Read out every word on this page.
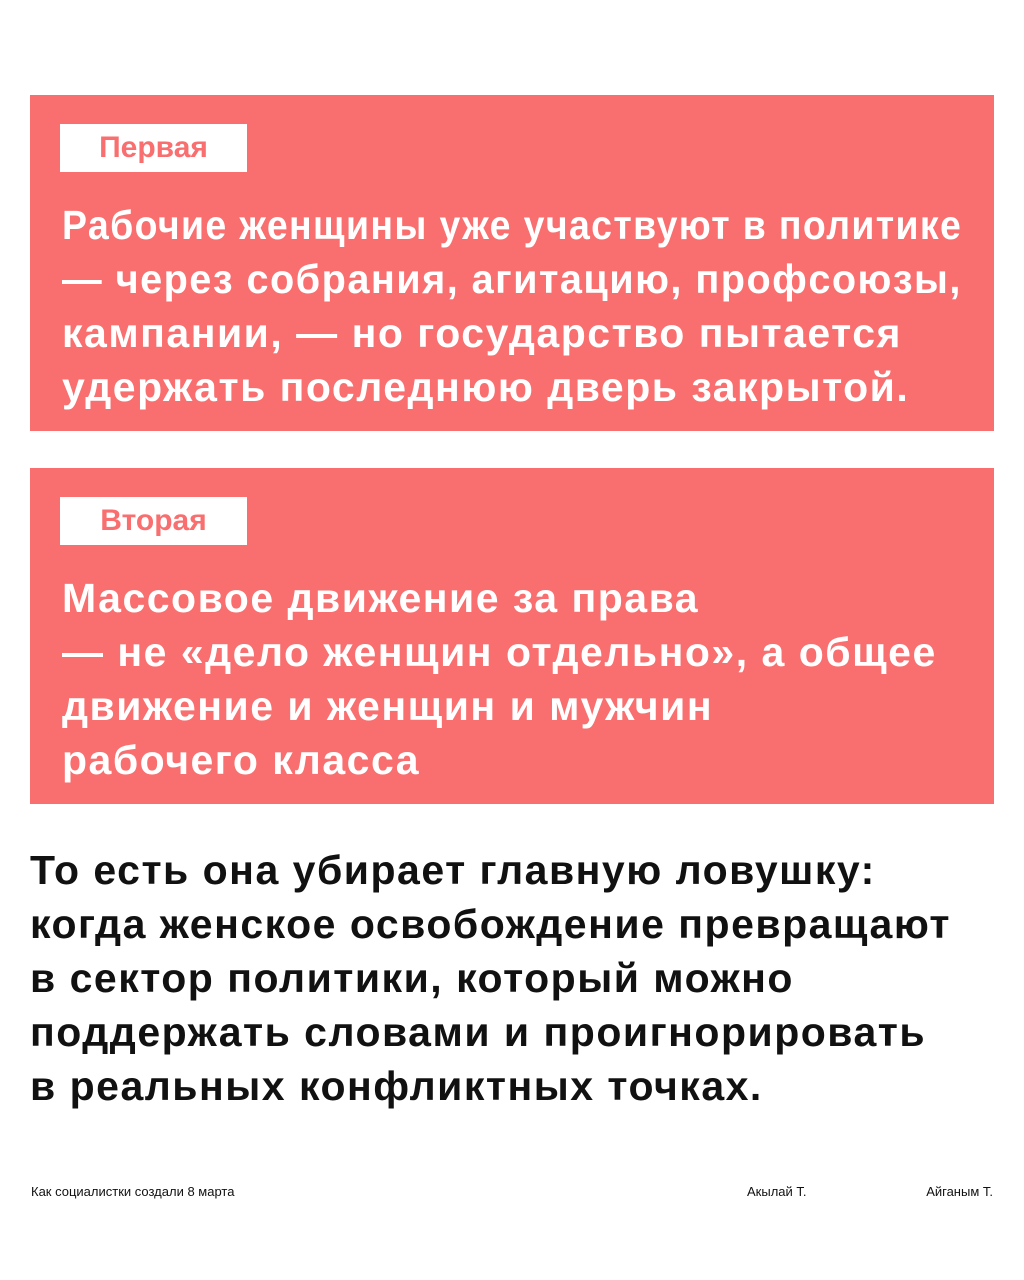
Первая

Рабочие женщины уже участвуют в политике
— через собрания, агитацию, профсоюзы,
кампании, — но государство пытается
удержать последнюю дверь закрытой.

Вторая

Массовое движение за права
— не «дело женщин отдельно», а общее
движение и женщин и мужчин
рабочего класса

То есть она убирает главную ловушку:
когда женское освобождение превращают
в сектор политики, который можно
поддержать словами и проигнорировать
в реальных конфликтных точках.

Как социалистки создали 8 марта	Акылай Т.	Айганым Т.
